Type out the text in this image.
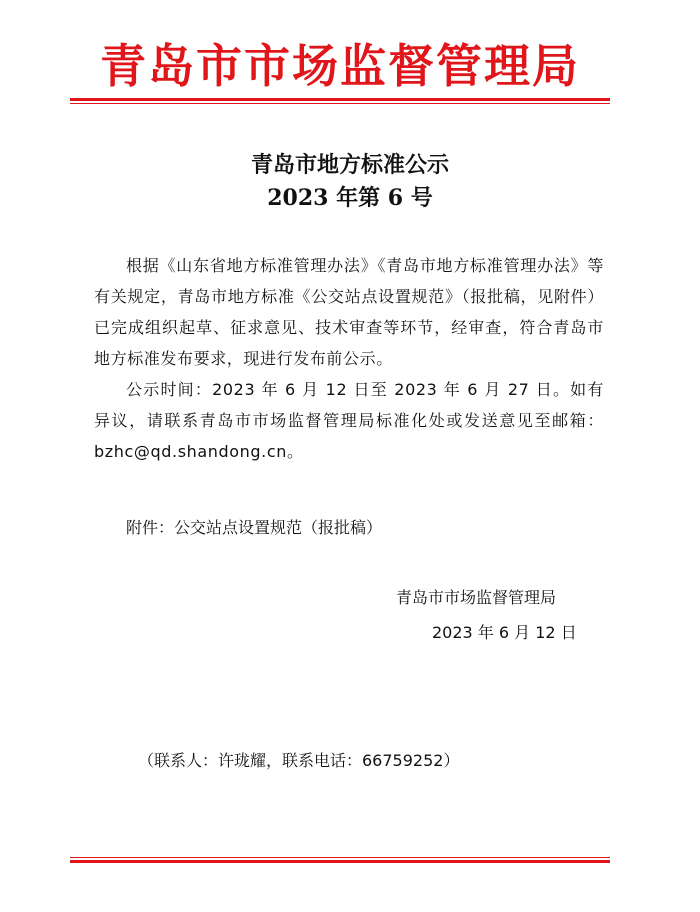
青岛市市场监督管理局
青岛市地方标准公示
2023 年第 6 号

根据《山东省地方标准管理办法》《青岛市地方标准管理办法》等有关规定，青岛市地方标准《公交站点设置规范》（报批稿，见附件）已完成组织起草、征求意见、技术审查等环节，经审查，符合青岛市地方标准发布要求，现进行发布前公示。

公示时间：2023 年 6 月 12 日至 2023 年 6 月 27 日。如有异议，请联系青岛市市场监督管理局标准化处或发送意见至邮箱：bzhc@qd.shandong.cn。

附件：公交站点设置规范（报批稿）
青岛市市场监督管理局
2023 年 6 月 12 日
（联系人：许珑耀，联系电话：66759252）
